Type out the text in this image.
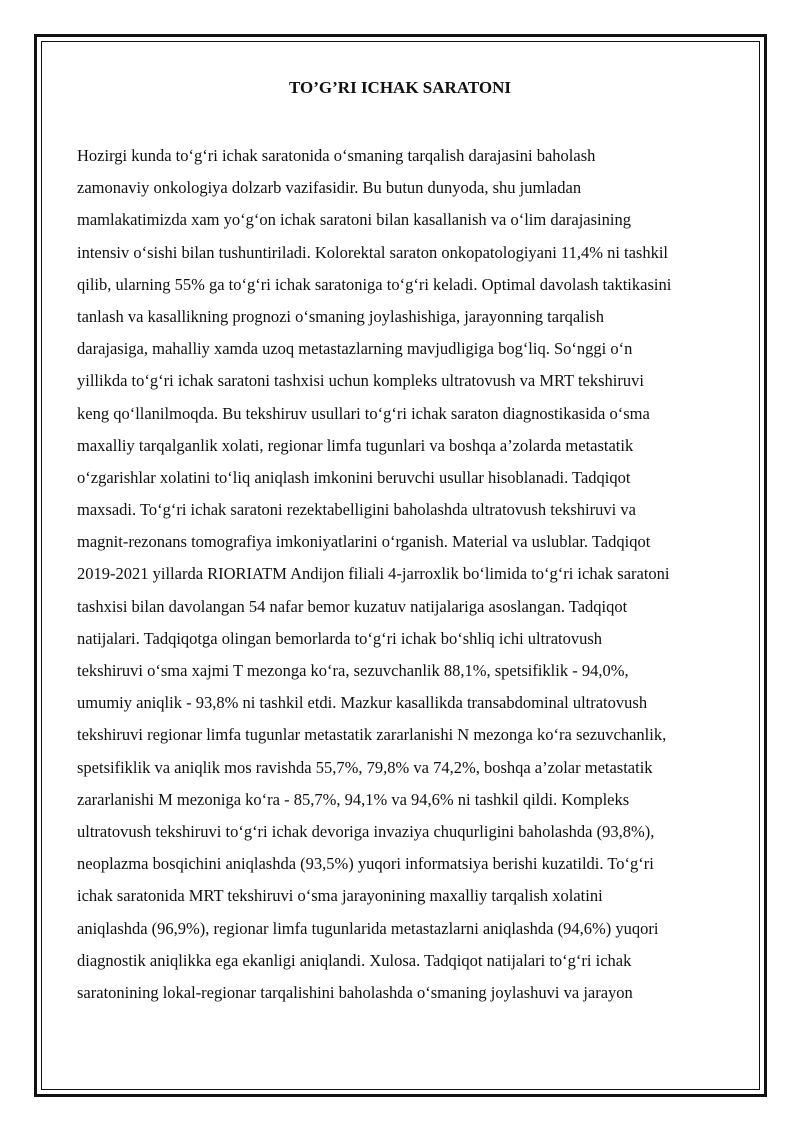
TO’G’RI ICHAK SARATONI
Hozirgi kunda to‘g‘ri ichak saratonida o‘smaning tarqalish darajasini baholash
zamonaviy onkologiya dolzarb vazifasidir. Bu butun dunyoda, shu jumladan
mamlakatimizda xam yo‘g‘on ichak saratoni bilan kasallanish va o‘lim darajasining
intensiv o‘sishi bilan tushuntiriladi. Kolorektal saraton onkopatologiyani 11,4% ni tashkil
qilib, ularning 55% ga to‘g‘ri ichak saratoniga to‘g‘ri keladi. Optimal davolash taktikasini
tanlash va kasallikning prognozi o‘smaning joylashishiga, jarayonning tarqalish
darajasiga, mahalliy xamda uzoq metastazlarning mavjudligiga bog‘liq. So‘nggi o‘n
yillikda to‘g‘ri ichak saratoni tashxisi uchun kompleks ultratovush va MRT tekshiruvi
keng qo‘llanilmoqda. Bu tekshiruv usullari to‘g‘ri ichak saraton diagnostikasida o‘sma
maxalliy tarqalganlik xolati, regionar limfa tugunlari va boshqa a’zolarda metastatik
o‘zgarishlar xolatini to‘liq aniqlash imkonini beruvchi usullar hisoblanadi. Tadqiqot
maxsadi. To‘g‘ri ichak saratoni rezektabelligini baholashda ultratovush tekshiruvi va
magnit-rezonans tomografiya imkoniyatlarini o‘rganish. Material va uslublar. Tadqiqot
2019-2021 yillarda RIORIATM Andijon filiali 4-jarroxlik bo‘limida to‘g‘ri ichak saratoni
tashxisi bilan davolangan 54 nafar bemor kuzatuv natijalariga asoslangan. Tadqiqot
natijalari. Tadqiqotga olingan bemorlarda to‘g‘ri ichak bo‘shliq ichi ultratovush
tekshiruvi o‘sma xajmi T mezonga ko‘ra, sezuvchanlik 88,1%, spetsifiklik - 94,0%,
umumiy aniqlik - 93,8% ni tashkil etdi. Mazkur kasallikda transabdominal ultratovush
tekshiruvi regionar limfa tugunlar metastatik zararlanishi N mezonga ko‘ra sezuvchanlik,
spetsifiklik va aniqlik mos ravishda 55,7%, 79,8% va 74,2%, boshqa a’zolar metastatik
zararlanishi M mezoniga ko‘ra - 85,7%, 94,1% va 94,6% ni tashkil qildi. Kompleks
ultratovush tekshiruvi to‘g‘ri ichak devoriga invaziya chuqurligini baholashda (93,8%),
neoplazma bosqichini aniqlashda (93,5%) yuqori informatsiya berishi kuzatildi. To‘g‘ri
ichak saratonida MRT tekshiruvi o‘sma jarayonining maxalliy tarqalish xolatini
aniqlashda (96,9%), regionar limfa tugunlarida metastazlarni aniqlashda (94,6%) yuqori
diagnostik aniqlikka ega ekanligi aniqlandi. Xulosa. Tadqiqot natijalari to‘g‘ri ichak
saratonining lokal-regionar tarqalishini baholashda o‘smaning joylashuvi va jarayon
